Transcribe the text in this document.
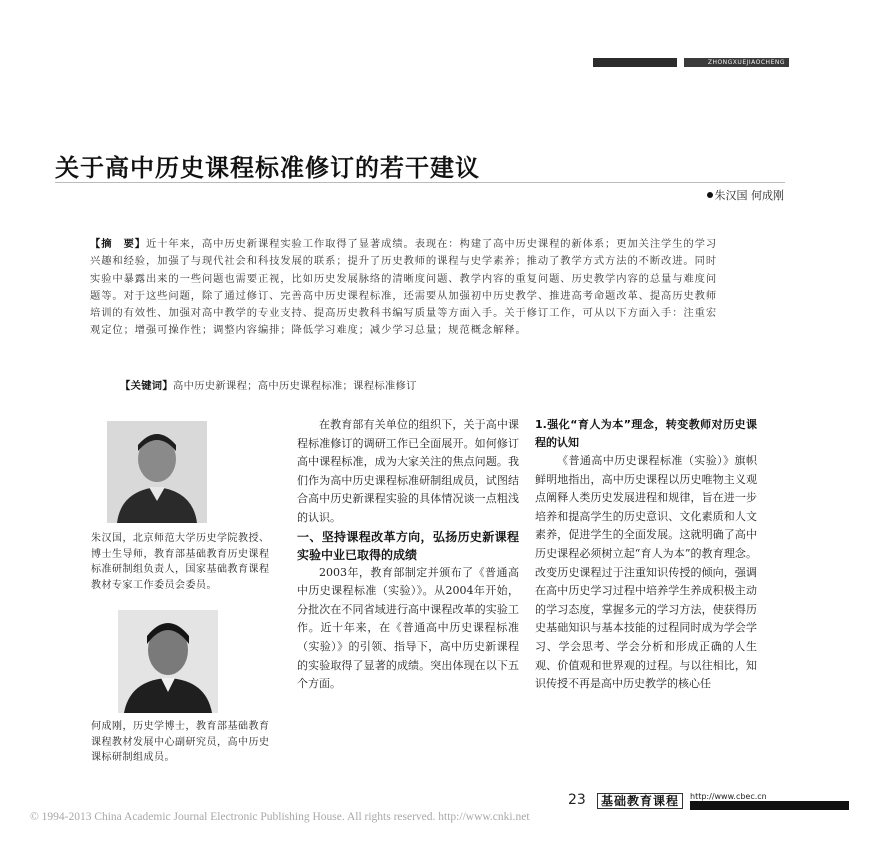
ZHONGXUEJIAOCHENG
关于高中历史课程标准修订的若干建议
朱汉国 何成刚
【摘　要】近十年来，高中历史新课程实验工作取得了显著成绩。表现在：构建了高中历史课程的新体系；更加关注学生的学习兴趣和经验，加强了与现代社会和科技发展的联系；提升了历史教师的课程与史学素养；推动了教学方式方法的不断改进。同时实验中暴露出来的一些问题也需要正视，比如历史发展脉络的清晰度问题、教学内容的重复问题、历史教学内容的总量与难度问题等。对于这些问题，除了通过修订、完善高中历史课程标准，还需要从加强初中历史教学、推进高考命题改革、提高历史教师培训的有效性、加强对高中教学的专业支持、提高历史教科书编写质量等方面入手。关于修订工作，可从以下方面入手：注重宏观定位；增强可操作性；调整内容编排；降低学习难度；减少学习总量；规范概念解释。
【关键词】高中历史新课程；高中历史课程标准；课程标准修订
朱汉国，北京师范大学历史学院教授、博士生导师，教育部基础教育历史课程标准研制组负责人，国家基础教育课程教材专家工作委员会委员。
何成刚，历史学博士，教育部基础教育课程教材发展中心副研究员，高中历史课标研制组成员。

在教育部有关单位的组织下，关于高中课程标准修订的调研工作已全面展开。如何修订高中课程标准，成为大家关注的焦点问题。我们作为高中历史课程标准研制组成员，试图结合高中历史新课程实验的具体情况谈一点粗浅的认识。

一、坚持课程改革方向，弘扬历史新课程实验中业已取得的成绩

2003年，教育部制定并颁布了《普通高中历史课程标准（实验）》。从2004年开始，分批次在不同省域进行高中课程改革的实验工作。近十年来，在《普通高中历史课程标准（实验）》的引领、指导下，高中历史新课程的实验取得了显著的成绩。突出体现在以下五个方面。

1.强化“育人为本”理念，转变教师对历史课程的认知

《普通高中历史课程标准（实验）》旗帜鲜明地指出，高中历史课程以历史唯物主义观点阐释人类历史发展进程和规律，旨在进一步培养和提高学生的历史意识、文化素质和人文素养，促进学生的全面发展。这就明确了高中历史课程必须树立起“育人为本”的教育理念。改变历史课程过于注重知识传授的倾向，强调在高中历史学习过程中培养学生养成积极主动的学习态度，掌握多元的学习方法，使获得历史基础知识与基本技能的过程同时成为学会学习、学会思考、学会分析和形成正确的人生观、价值观和世界观的过程。与以往相比，知识传授不再是高中历史教学的核心任

23	基础教育课程	http://www.cbec.cn
© 1994-2013 China Academic Journal Electronic Publishing House. All rights reserved. http://www.cnki.net
